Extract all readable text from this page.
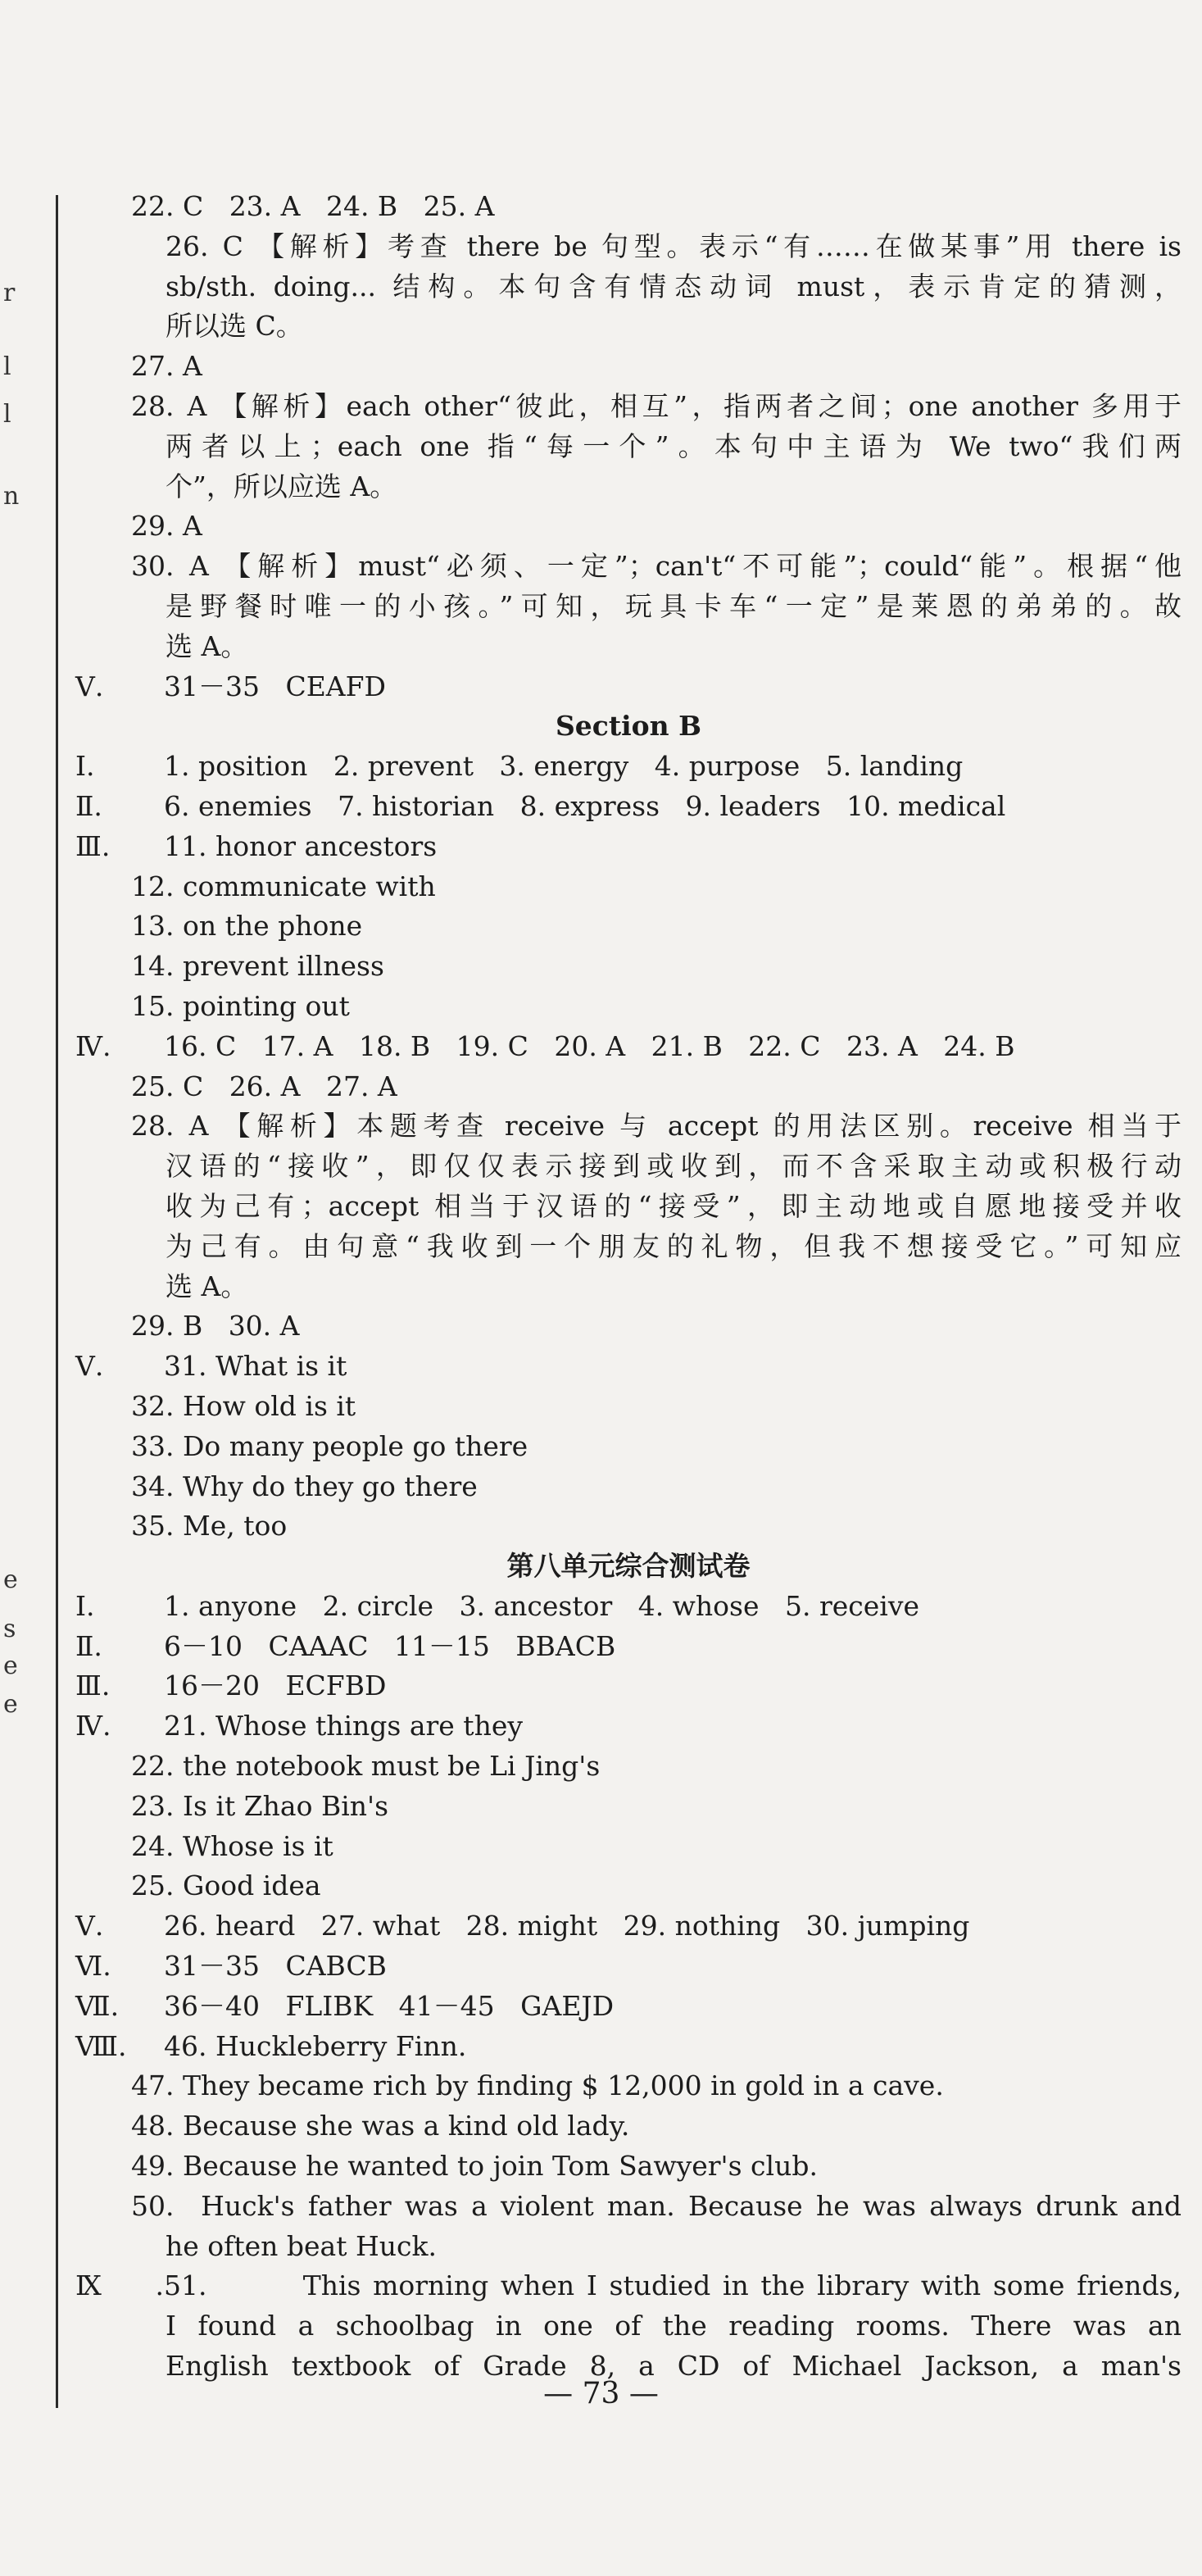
r
l
l
n
e
s
e
e
22. C   23. A   24. B   25. A
26. C 【解析】考查 there be 句型。表示“有……在做某事”用 there is
sb/sth. doing... 结构。本句含有情态动词 must，表示肯定的猜测，
所以选 C。
27. A
28. A 【解析】each other“彼此，相互”，指两者之间；one another 多用于
两者以上；each one 指“每一个”。本句中主语为 We two“我们两
个”，所以应选 A。
29. A
30. A 【解析】must“必须、一定”；can't“不可能”；could“能”。根据“他
是野餐时唯一的小孩。”可知，玩具卡车“一定”是莱恩的弟弟的。故
选 A。
Ⅴ. 31－35   CEAFD
Section B
Ⅰ.	1. position   2. prevent   3. energy   4. purpose   5. landing
Ⅱ. 6. enemies   7. historian   8. express   9. leaders   10. medical
Ⅲ. 11. honor ancestors
12. communicate with
13. on the phone
14. prevent illness
15. pointing out
Ⅳ. 16. C   17. A   18. B   19. C   20. A   21. B   22. C   23. A   24. B
25. C   26. A   27. A
28. A 【解析】本题考查 receive 与 accept 的用法区别。receive 相当于
汉语的“接收”，即仅仅表示接到或收到，而不含采取主动或积极行动
收为己有；accept 相当于汉语的“接受”，即主动地或自愿地接受并收
为己有。由句意“我收到一个朋友的礼物，但我不想接受它。”可知应
选 A。
29. B   30. A
Ⅴ. 31. What is it
32. How old is it
33. Do many people go there
34. Why do they go there
35. Me, too
第八单元综合测试卷
Ⅰ.	1. anyone   2. circle   3. ancestor   4. whose   5. receive
Ⅱ. 6－10   CAAAC   11－15   BBACB
Ⅲ. 16－20   ECFBD
Ⅳ. 21. Whose things are they
22. the notebook must be Li Jing's
23. Is it Zhao Bin's
24. Whose is it
25. Good idea
Ⅴ. 26. heard   27. what   28. might   29. nothing   30. jumping
Ⅵ. 31－35   CABCB
Ⅶ. 36－40   FLIBK   41－45   GAEJD
Ⅷ. 46. Huckleberry Finn.
47. They became rich by finding $ 12,000 in gold in a cave.
48. Because she was a kind old lady.
49. Because he wanted to join Tom Sawyer's club.
50.  Huck's father was a violent man. Because he was always drunk and
he often beat Huck.
Ⅸ.51.        This morning when I studied in the library with some friends,
I found a schoolbag in one of the reading rooms. There was an
English textbook of Grade 8, a CD of Michael Jackson, a man's
— 73 —
